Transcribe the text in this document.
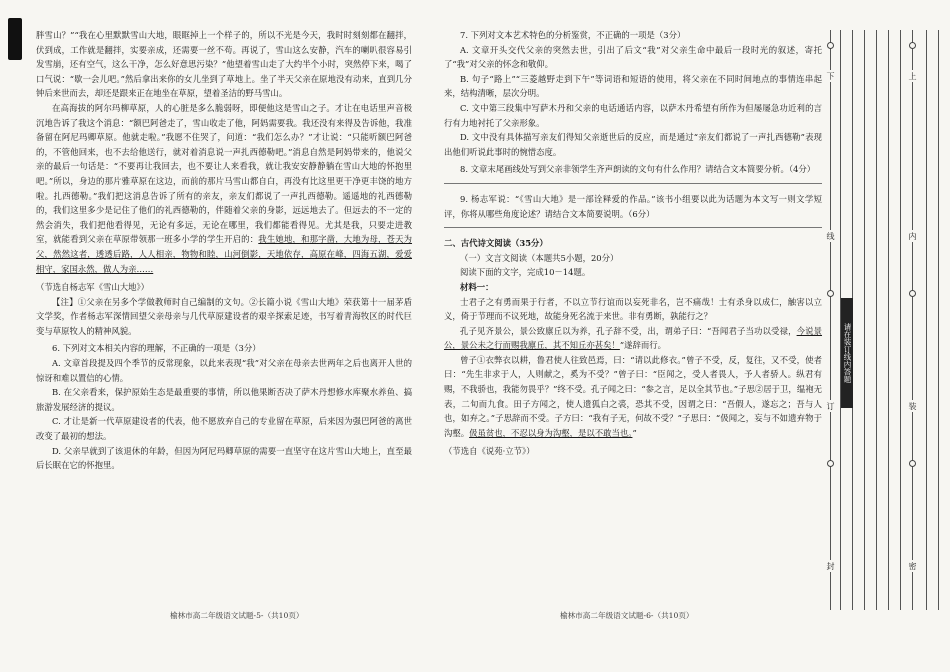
胖雪山？”“我在心里默默雪山大地，眼眶掉上一个样子的，所以不光是今天，我时时刻刻都在翻拌，伏到成，工作就是翻拌，实要亲成，还需要一丝不苟。再说了，雪山这么安静，汽车的喇叭很容易引发雪崩，还有空气，这么干净，怎么好意思污染？”他望着雪山走了大约半个小时，突然停下来，喝了口气说：“歇一会儿吧。”然后拿出来你的女儿坐到了草地上。坐了半天父亲在原地没有动来，直到几分钟后来世而去，却还是跟来正在地坐在草原，望着圣洁的野马雪山。

在高海拔的阿尔玛柳草原，人的心脏是多么脆弱呀，即便他这是雪山之子。才让在电话里声音极沉地告诉了我这个消息：“额巴阿爸走了，雪山收走了他，阿妈需要我。我还没有来得及告诉他，我准备留在阿尼玛卿草原。他就走啦。”我愿不住哭了，问道：“我们怎么办？”才让说：“只能听额巴阿爸的，不管他回来，也不去给他送行，就对着消息说一声扎西德勒吧。”消息自然是阿妈带来的，他说父亲的最后一句话是：“不要再让我回去，也不要让人来看我，就让我安安静静躺在雪山大地的怀抱里吧。”所以，身边的那片雅草原在这边，而前的那片马雪山都自白，再没有比这里更干净更丰饶的地方啦。扎西德勒。”我们把这消息告诉了所有的亲友，亲友们都说了一声扎西德勒。遥遥地的礼西德勒的，我们这里多少是记住了他们的礼西德勒的，伴随着父亲的身影，远远地去了。但远去的不一定的然会消失，我们把他看得见，无论有多远，无论在哪里，我们都能看得见。尤其是我，只要走进教室，就能看到父亲在草原带领那一班多小学的学生开启的：我生她地，和那字凿，大地为母，苍天为父，然然这者，透透后路，人人相亲，物物和睦，山河倒影，天地依存，高原在峰，四海五湖，爱爱相守，家国永然，做人为亲……

（节选自杨志军《雪山大地》）

【注】①父亲在另多个学做教师时自己编制的文句。②长篇小说《雪山大地》荣获第十一届茅盾文学奖，作者杨志军深情回望父亲母亲与几代草原建设者的艰辛探索足迹，书写着青海牧区的时代巨变与草原牧人的精神风貌。

6. 下列对文本相关内容的理解，不正确的一项是（3分）

A. 文章首段提及四个季节的反常现象，以此来表现“我”对父亲在母亲去世两年之后也离开人世的惊讶和难以置信的心情。

B. 在父亲看来，保护原始生态是最重要的事情，所以他果断否决了萨木丹想修水库聚水养鱼、搞旅游发展经济的提议。

C. 才让是新一代草原建设者的代表，他不愿放弃自己的专业留在草原，后来因为强巴阿爸的离世改变了最初的想法。

D. 父亲早就到了该退休的年龄，但因为阿尼玛卿草原的需要一直坚守在这片雪山大地上，直至最后长眠在它的怀抱里。

榆林市高二年级语文试题-5-（共10页）

7. 下列对文本艺术特色的分析鉴赏，不正确的一项是（3分）

A. 文章开头交代父亲的突然去世，引出了后文“我”对父亲生命中最后一段时光的叙述，寄托了“我”对父亲的怀念和敬仰。

B. 句子“路上”“三菱越野走到下午”等词语和短语的使用，将父亲在不同时间地点的事情连串起来，结构清晰，层次分明。

C. 文中第三段集中写萨木丹和父亲的电话通话内容，以萨木丹希望有所作为但屡屡急功近利的言行有力地衬托了父亲形象。

D. 文中没有具体描写亲友们得知父亲逝世后的反应，而是通过“亲友们都说了一声扎西德勒”表现出他们听说此事时的惋惜态度。

8. 文章末尾画线处写到父亲非领学生齐声朗读的文句有什么作用？请结合文本简要分析。（4分）

9. 杨志军说：“《雪山大地》是一部诠释爱的作品。”该书小组要以此为话题为本文写一则文学短评，你将从哪些角度论述？请结合文本简要说明。（6分）

二、古代诗文阅读（35分）

（一）文言文阅读（本题共5小题，20分）

阅读下面的文字，完成10－14题。

材料一：

士君子之有勇而果于行者，不以立节行谊而以妄死非名，岂不痛哉！士有杀身以成仁，触害以立义，倚于节理而不议死地，故能身死名流于来世。非有勇断，孰能行之？

孔子见齐景公，景公致廪丘以为养，孔子辞不受，出，谓弟子曰：“吾闻君子当功以受禄，今说景公，景公未之行而赐我廪丘，其不知丘亦甚矣！”遂辞而行。

曾子①衣弊衣以耕，鲁君使人往致邑焉，曰：“请以此修衣。”曾子不受，反，复往，又不受，使者曰：“先生非求于人，人则献之，奚为不受？”曾子曰：“臣闻之，受人者畏人，予人者骄人。纵君有赐，不我骄也，我能勿畏乎？”终不受。孔子闻之曰：“参之言，足以全其节也。”子思②居于卫，缊袍无表，二旬而九食。田子方闻之，使人遗狐白之裘，恐其不受，因谓之曰：“吾假人，遂忘之；吾与人也，如弃之。”子思辞而不受。子方曰：“我有子无，何故不受？”子思曰：“伋闻之，妄与不如遗弃物于沟壑。伋虽贫也，不忍以身为沟壑，是以不敢当也。”

（节选自《说苑·立节》）

榆林市高二年级语文试题-6-（共10页）
下
线
订
封
上
内
装
密
请在装订线内答题
